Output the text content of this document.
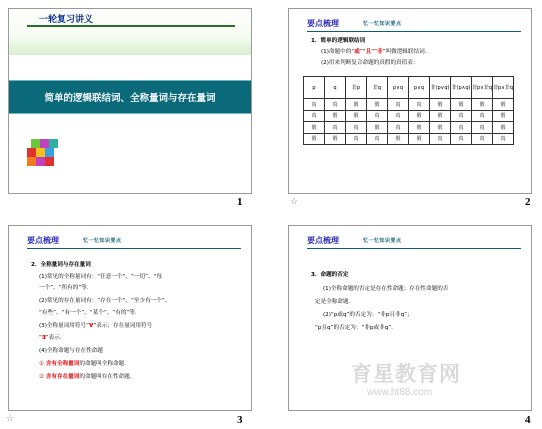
一轮复习讲义
简单的逻辑联结词、全称量词与存在量词
1
要点梳理	忆一忆知识要点
1．简单的逻辑联结词
(1)命题中的“或”“且”“非”叫做逻辑联结词.
(2)用来判断复合命题的真假的真值表：
p	q	非p	非q	p∨q	p∧q	非(p∨q)	非(p∧q)	非p∨非q	非p∧非q
真	真	假	假	真	真	假	假	假	假
真	假	假	真	真	假	假	真	真	假
假	真	真	假	真	假	假	真	真	假
假	假	真	真	假	假	真	真	真	真
☆	2
要点梳理	忆一忆知识要点
2．全称量词与存在量词
(1)常见的全称量词有：“任意一个”、“一切”、“每
一个”、“所有的”等.
(2)常见的存在量词有：“存在一个”、“至少有一个”、
“有些”、“有一个”、“某个”、“有的”等.
(3)全称量词用符号“∀”表示；存在量词用符号
“∃”表示.
(4)全称命题与存在性命题
① 含有全称量词的命题叫全称命题.
② 含有存在量词的命题叫存在性命题.
☆	3
要点梳理	忆一忆知识要点
3．命题的否定
(1)全称命题的否定是存在性命题；存在性命题的否
定是全称命题.
(2)“p或q”的否定为：“非p且非q”；
“p且q”的否定为：“非p或非q”.
育星教育网
www.ht88.com
4
